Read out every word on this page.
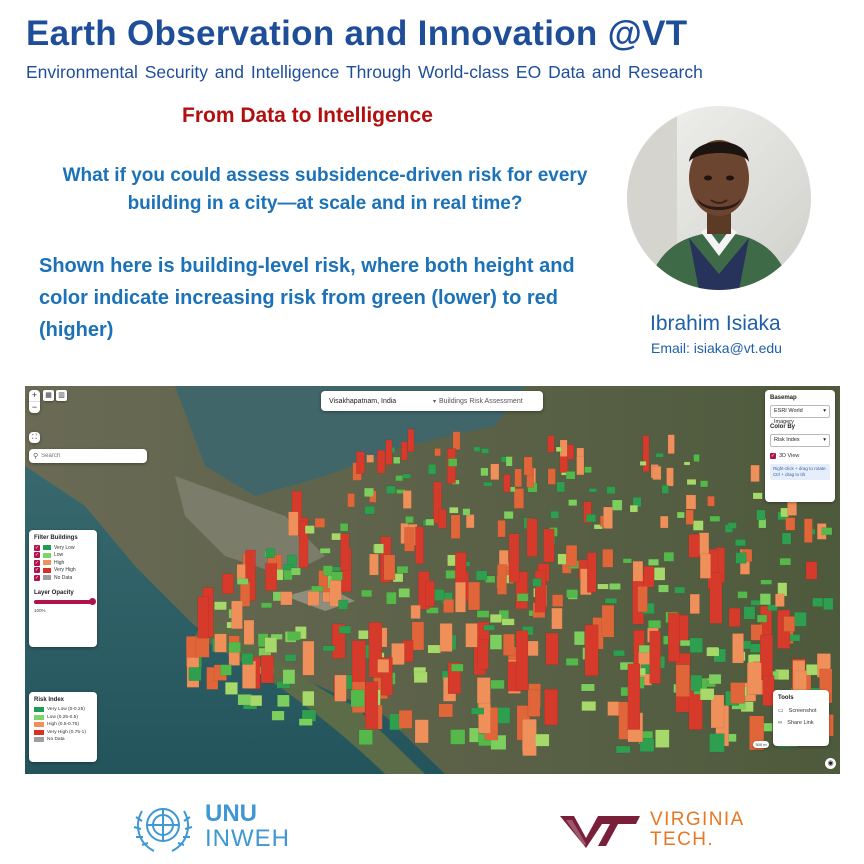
Earth Observation and Innovation @VT
Environmental Security and Intelligence Through World-class EO Data and Research
From Data to Intelligence
What if you could assess subsidence-driven risk for every building in a city—at scale and in real time?
Shown here is building-level risk, where both height and color indicate increasing risk from green (lower) to red (higher)	Ibrahim Isiaka
Email: isiaka@vt.edu
+
−
▦ ▥
⛶
⚲
Search
Visakhapatnam, India	▾ Buildings Risk Assessment	Basemap
ESRI World Imagery
▾
Color By
Risk Index	▾
✓ 3D View
Right-click + drag to rotate
Ctrl + drag to tilt
Filter Buildings
✓	Very Low
✓	Low
✓	High
✓	Very High
✓	No Data
Layer Opacity
100%
Risk Index
Very Low (0-0.25)
Low (0.25-0.5)
High (0.5-0.75)
Very High (0.75-1)
No Data
Tools
▭ Screenshot
∞ Share Link
500 m
◉
UNU
INWEH
VIRGINIA
TECH.
